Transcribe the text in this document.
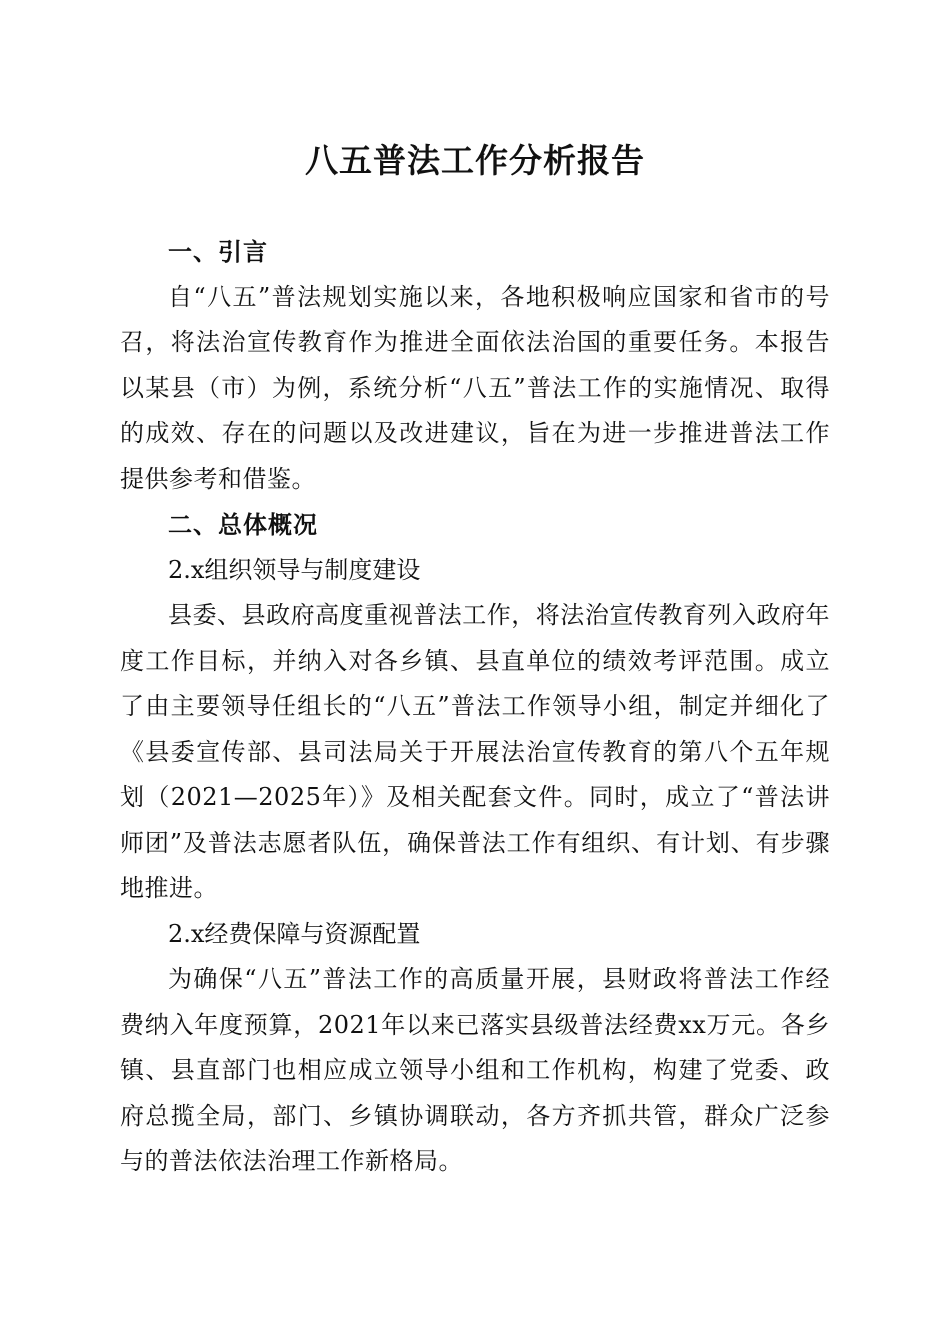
八五普法工作分析报告
一、引言

自“八五”普法规划实施以来，各地积极响应国家和省市的号召，将法治宣传教育作为推进全面依法治国的重要任务。本报告以某县（市）为例，系统分析“八五”普法工作的实施情况、取得的成效、存在的问题以及改进建议，旨在为进一步推进普法工作提供参考和借鉴。

二、总体概况
2.x组织领导与制度建设

县委、县政府高度重视普法工作，将法治宣传教育列入政府年度工作目标，并纳入对各乡镇、县直单位的绩效考评范围。成立了由主要领导任组长的“八五”普法工作领导小组，制定并细化了《县委宣传部、县司法局关于开展法治宣传教育的第八个五年规划（2021—2025年）》及相关配套文件。同时，成立了“普法讲师团”及普法志愿者队伍，确保普法工作有组织、有计划、有步骤地推进。

2.x经费保障与资源配置

为确保“八五”普法工作的高质量开展，县财政将普法工作经费纳入年度预算，2021年以来已落实县级普法经费xx万元。各乡镇、县直部门也相应成立领导小组和工作机构，构建了党委、政府总揽全局，部门、乡镇协调联动，各方齐抓共管，群众广泛参与的普法依法治理工作新格局。
